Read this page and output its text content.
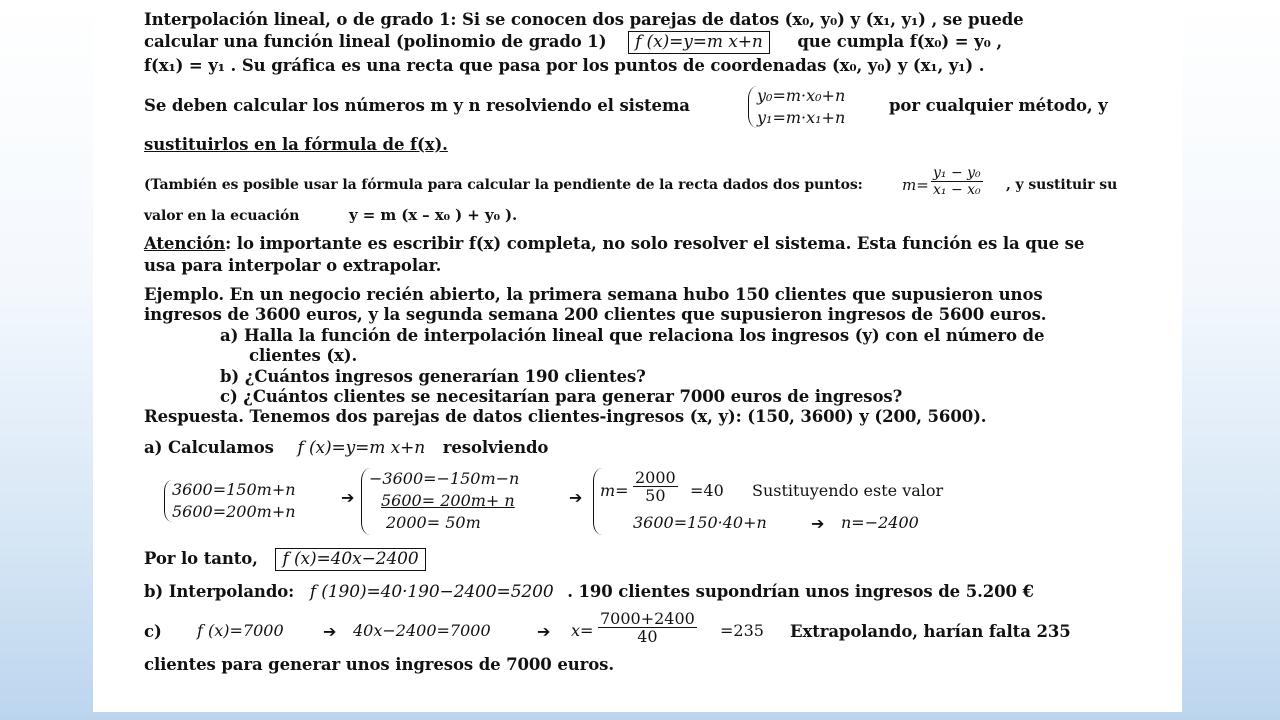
Interpolación lineal, o de grado 1: Si se conocen dos parejas de datos (x₀, y₀) y (x₁, y₁) , se puede
calcular una función lineal (polinomio de grado 1) f (x)=y=m x+n que cumpla f(x₀) = y₀ ,
f(x₁) = y₁ . Su gráfica es una recta que pasa por los puntos de coordenadas (x₀, y₀) y (x₁, y₁) .
Se deben calcular los números m y n resolviendo el sistema
y₀=m·x₀+n
y₁=m·x₁+n
por cualquier método, y
sustituirlos en la fórmula de f(x).
(También es posible usar la fórmula para calcular la pendiente de la recta dados dos puntos:	$m= \frac{\text{y₁ − y₀}}{\text{x₁ − x₀}}$ , y sustituir su
valor en la ecuación	y = m (x – x₀ ) + y₀ ).
Atención: lo importante es escribir f(x) completa, no solo resolver el sistema. Esta función es la que se
usa para interpolar o extrapolar.
Ejemplo. En un negocio recién abierto, la primera semana hubo 150 clientes que supusieron unos
ingresos de 3600 euros, y la segunda semana 200 clientes que supusieron ingresos de 5600 euros.
a) Halla la función de interpolación lineal que relaciona los ingresos (y) con el número de
clientes (x).
b) ¿Cuántos ingresos generarían 190 clientes?
c) ¿Cuántos clientes se necesitarían para generar 7000 euros de ingresos?
Respuesta. Tenemos dos parejas de datos clientes-ingresos (x, y): (150, 3600) y (200, 5600).
a) Calculamos f (x)=y=m x+n resolviendo
3600=150m+n
5600=200m+n
➔
−3600=−150m−n
5600= 200m+ n
2000= 50m
➔ $m= \frac{2000}{50} =40$ Sustituyendo este valor
3600=150·40+n	➔ n=−2400
Por lo tanto, f (x)=40x−2400
b) Interpolando: f (190)=40·190−2400=5200 . 190 clientes supondrían unos ingresos de 5.200 €
c) f (x)=7000 ➔ 40x−2400=7000	➔ $x= \frac{7000+2400}{40} =235$ Extrapolando, harían falta 235
clientes para generar unos ingresos de 7000 euros.
